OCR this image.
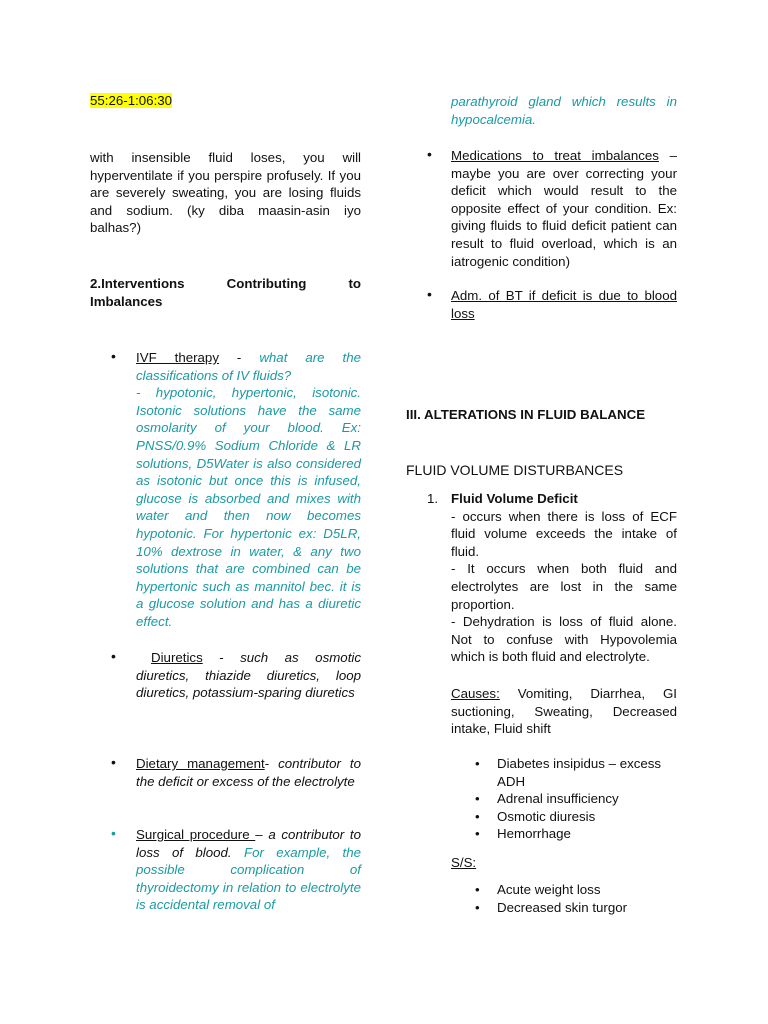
55:26-1:06:30

with insensible fluid loses, you will hyperventilate if you perspire profusely. If you are severely sweating, you are losing fluids and sodium. (ky diba maasin-asin iyo balhas?)

2.Interventions	Contributing	to
Imbalances
• IVF therapy - what are the classifications of IV fluids?
- hypotonic, hypertonic, isotonic. Isotonic solutions have the same osmolarity of your blood. Ex: PNSS/0.9% Sodium Chloride & LR solutions, D5Water is also considered as isotonic but once this is infused, glucose is absorbed and mixes with water and then now becomes hypotonic. For hypertonic ex: D5LR, 10% dextrose in water, & any two solutions that are combined can be hypertonic such as mannitol bec. it is a glucose solution and has a diuretic effect.
•	Diuretics - such as osmotic diuretics, thiazide diuretics, loop diuretics, potassium-sparing diuretics
• Dietary management- contributor to the deficit or excess of the electrolyte
• Surgical procedure – a contributor to loss of blood. For example, the possible complication of thyroidectomy in relation to electrolyte is accidental removal of
parathyroid gland which results in hypocalcemia.
• Medications to treat imbalances – maybe you are over correcting your deficit which would result to the opposite effect of your condition. Ex: giving fluids to fluid deficit patient can result to fluid overload, which is an iatrogenic condition)
• Adm. of BT if deficit is due to blood loss
III. ALTERATIONS IN FLUID BALANCE
FLUID VOLUME DISTURBANCES
1. Fluid Volume Deficit
- occurs when there is loss of ECF fluid volume exceeds the intake of fluid.
- It occurs when both fluid and electrolytes are lost in the same proportion.
- Dehydration is loss of fluid alone. Not to confuse with Hypovolemia which is both fluid and electrolyte.
Causes: Vomiting, Diarrhea, GI suctioning, Sweating, Decreased intake, Fluid shift
• Diabetes insipidus – excess ADH
• Adrenal insufficiency
• Osmotic diuresis
• Hemorrhage
S/S:
• Acute weight loss
• Decreased skin turgor
